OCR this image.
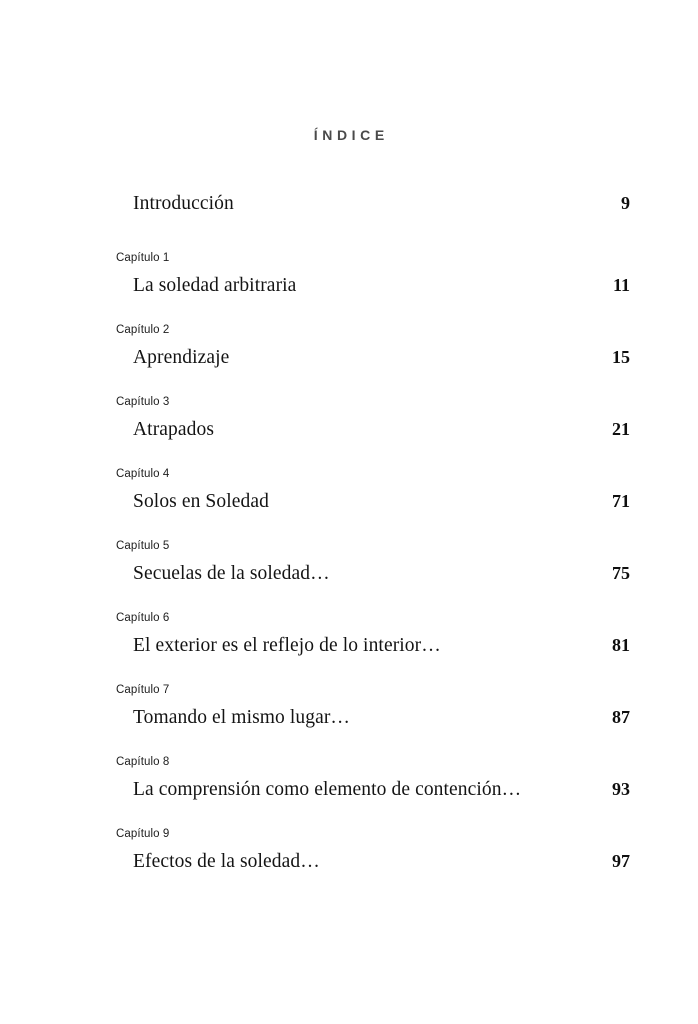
ÍNDICE
Introducción	9
Capítulo 1
La soledad arbitraria	11
Capítulo 2
Aprendizaje	15
Capítulo 3
Atrapados	21
Capítulo 4
Solos en Soledad	71
Capítulo 5
Secuelas de la soledad…	75
Capítulo 6
El exterior es el reflejo de lo interior…	81
Capítulo 7
Tomando el mismo lugar…	87
Capítulo 8
La comprensión como elemento de contención…	93
Capítulo 9
Efectos de la soledad…	97
